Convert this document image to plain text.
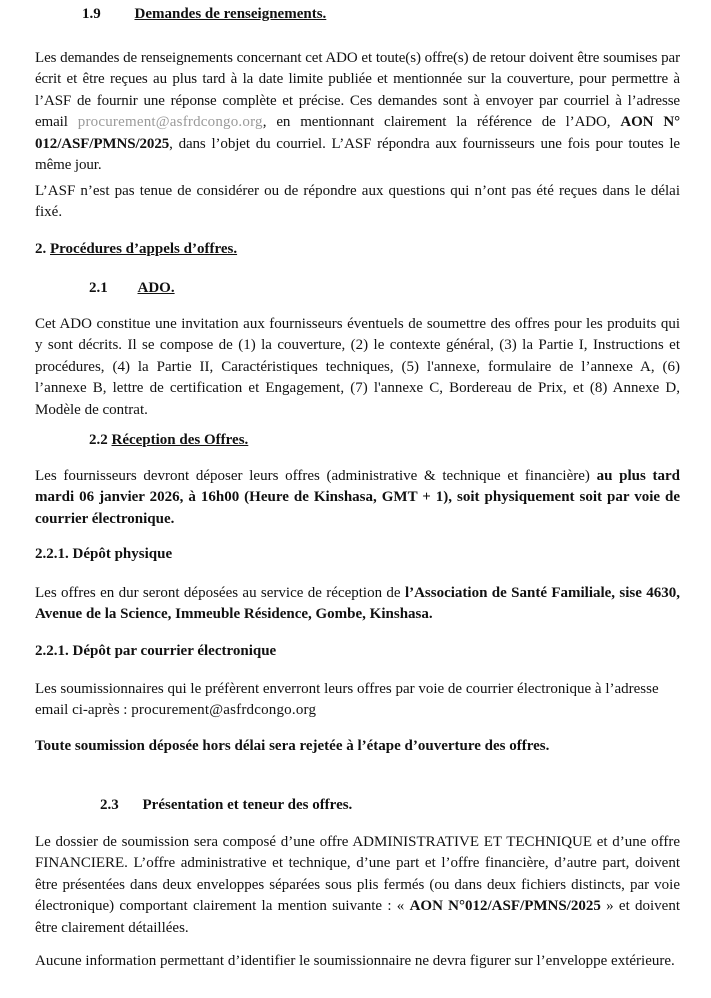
1.9 Demandes de renseignements.
Les demandes de renseignements concernant cet ADO et toute(s) offre(s) de retour doivent être soumises par écrit et être reçues au plus tard à la date limite publiée et mentionnée sur la couverture, pour permettre à l’ASF de fournir une réponse complète et précise. Ces demandes sont à envoyer par courriel à l’adresse email procurement@asfrdcongo.org, en mentionnant clairement la référence de l’ADO, AON N° 012/ASF/PMNS/2025, dans l’objet du courriel. L’ASF répondra aux fournisseurs une fois pour toutes le même jour.
L’ASF n’est pas tenue de considérer ou de répondre aux questions qui n’ont pas été reçues dans le délai fixé.
2. Procédures d’appels d’offres.
2.1 ADO.
Cet ADO constitue une invitation aux fournisseurs éventuels de soumettre des offres pour les produits qui y sont décrits. Il se compose de (1) la couverture, (2) le contexte général, (3) la Partie I, Instructions et procédures, (4) la Partie II, Caractéristiques techniques, (5) l'annexe, formulaire de l’annexe A, (6) l’annexe B, lettre de certification et Engagement, (7) l'annexe C, Bordereau de Prix, et (8) Annexe D, Modèle de contrat.
2.2 Réception des Offres.
Les fournisseurs devront déposer leurs offres (administrative & technique et financière) au plus tard mardi 06 janvier 2026, à 16h00 (Heure de Kinshasa, GMT + 1), soit physiquement soit par voie de courrier électronique.
2.2.1. Dépôt physique
Les offres en dur seront déposées au service de réception de l’Association de Santé Familiale, sise 4630, Avenue de la Science, Immeuble Résidence, Gombe, Kinshasa.
2.2.1. Dépôt par courrier électronique
Les soumissionnaires qui le préfèrent enverront leurs offres par voie de courrier électronique à l’adresse email ci-après : procurement@asfrdcongo.org
Toute soumission déposée hors délai sera rejetée à l’étape d’ouverture des offres.
2.3 Présentation et teneur des offres.
Le dossier de soumission sera composé d’une offre ADMINISTRATIVE ET TECHNIQUE et d’une offre FINANCIERE. L’offre administrative et technique, d’une part et l’offre financière, d’autre part, doivent être présentées dans deux enveloppes séparées sous plis fermés (ou dans deux fichiers distincts, par voie électronique) comportant clairement la mention suivante : « AON N°012/ASF/PMNS/2025 » et doivent être clairement détaillées.
Aucune information permettant d’identifier le soumissionnaire ne devra figurer sur l’enveloppe extérieure.
